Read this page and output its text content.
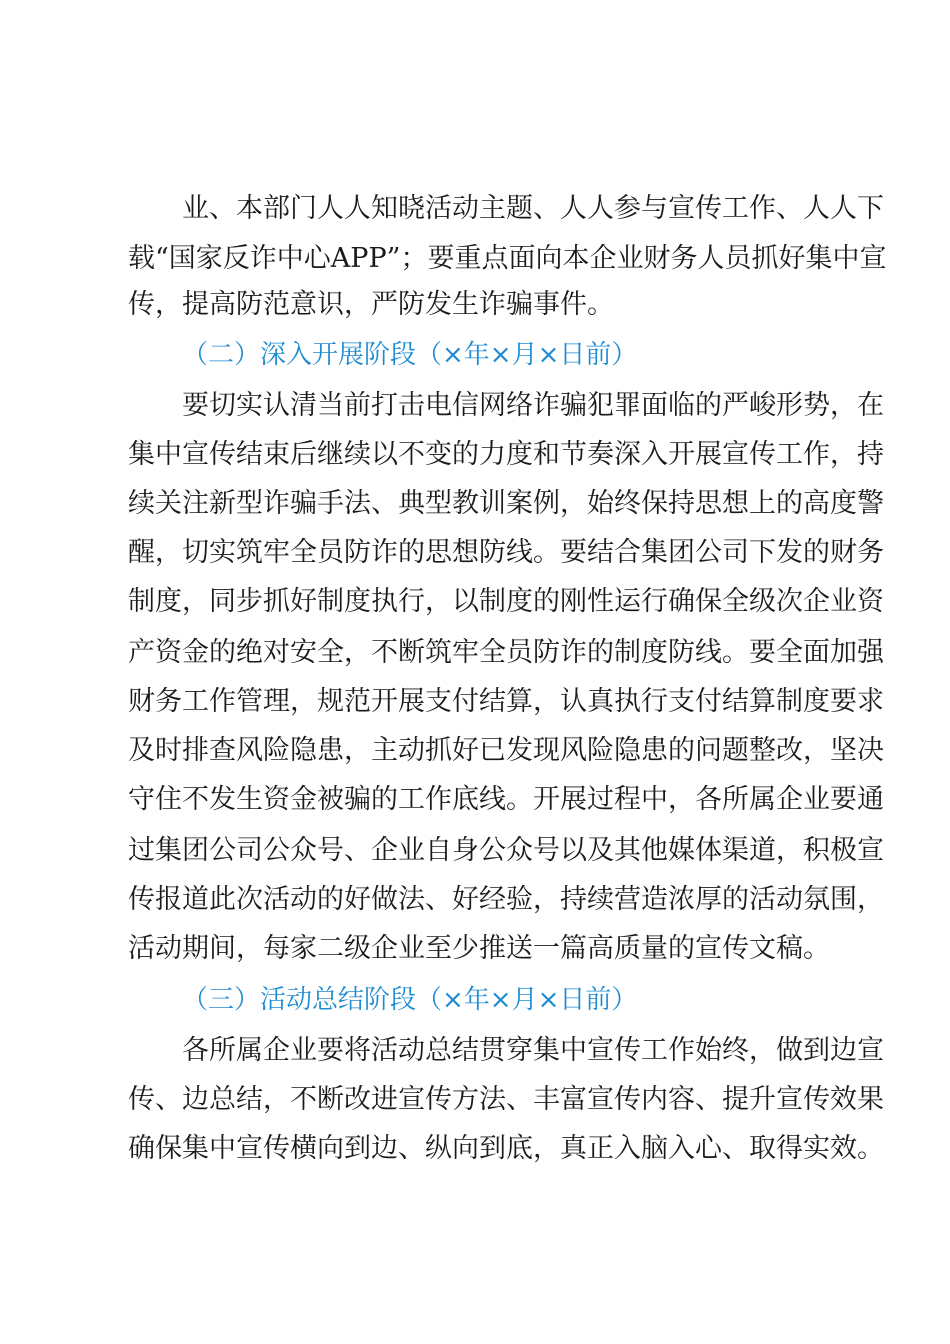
业、本部门人人知晓活动主题、人人参与宣传工作、人人下
载“国家反诈中心APP”；要重点面向本企业财务人员抓好集中宣
传，提高防范意识，严防发生诈骗事件。
（二）深入开展阶段（×年×月×日前）
要切实认清当前打击电信网络诈骗犯罪面临的严峻形势，在
集中宣传结束后继续以不变的力度和节奏深入开展宣传工作，持
续关注新型诈骗手法、典型教训案例，始终保持思想上的高度警
醒，切实筑牢全员防诈的思想防线。要结合集团公司下发的财务
制度，同步抓好制度执行，以制度的刚性运行确保全级次企业资
产资金的绝对安全，不断筑牢全员防诈的制度防线。要全面加强
财务工作管理，规范开展支付结算，认真执行支付结算制度要求
及时排查风险隐患，主动抓好已发现风险隐患的问题整改，坚决
守住不发生资金被骗的工作底线。开展过程中，各所属企业要通
过集团公司公众号、企业自身公众号以及其他媒体渠道，积极宣
传报道此次活动的好做法、好经验，持续营造浓厚的活动氛围，
活动期间，每家二级企业至少推送一篇高质量的宣传文稿。
（三）活动总结阶段（×年×月×日前）
各所属企业要将活动总结贯穿集中宣传工作始终，做到边宣
传、边总结，不断改进宣传方法、丰富宣传内容、提升宣传效果
确保集中宣传横向到边、纵向到底，真正入脑入心、取得实效。
